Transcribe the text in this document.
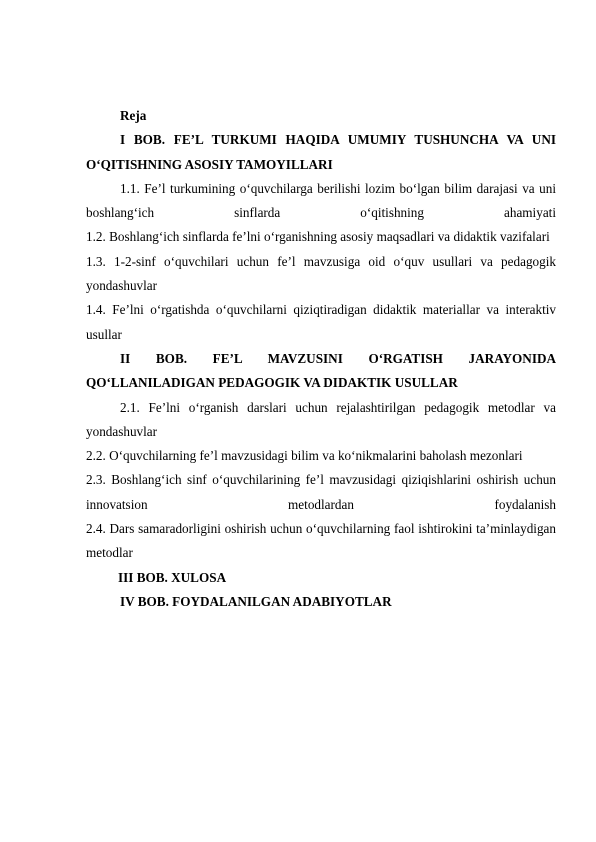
Reja

I BOB. FE’L TURKUMI HAQIDA UMUMIY TUSHUNCHA VA UNI O‘QITISHNING ASOSIY TAMOYILLARI

1.1. Fe’l turkumining o‘quvchilarga berilishi lozim bo‘lgan bilim darajasi va uni boshlang‘ich sinflarda o‘qitishning ahamiyati

1.2. Boshlang‘ich sinflarda fe’lni o‘rganishning asosiy maqsadlari va didaktik vazifalari

1.3. 1-2-sinf o‘quvchilari uchun fe’l mavzusiga oid o‘quv usullari va pedagogik yondashuvlar

1.4. Fe’lni o‘rgatishda o‘quvchilarni qiziqtiradigan didaktik materiallar va interaktiv usullar

II BOB. FE’L MAVZUSINI O‘RGATISH JARAYONIDA QO‘LLANILADIGAN PEDAGOGIK VA DIDAKTIK USULLAR

2.1. Fe’lni o‘rganish darslari uchun rejalashtirilgan pedagogik metodlar va yondashuvlar

2.2. O‘quvchilarning fe’l mavzusidagi bilim va ko‘nikmalarini baholash mezonlari

2.3. Boshlang‘ich sinf o‘quvchilarining fe’l mavzusidagi qiziqishlarini oshirish uchun innovatsion metodlardan foydalanish

2.4. Dars samaradorligini oshirish uchun o‘quvchilarning faol ishtirokini ta’minlaydigan metodlar

III BOB. XULOSA

IV BOB. FOYDALANILGAN ADABIYOTLAR
